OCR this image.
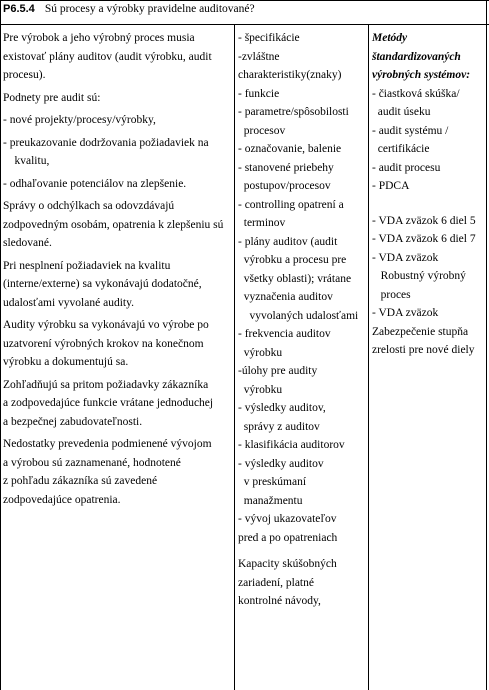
P6.5.4 Sú procesy a výrobky pravidelne auditované?
Pre výrobok a jeho výrobný proces musia
existovať plány auditov (audit výrobku, audit
procesu).
Podnety pre audit sú:
- nové projekty/procesy/výrobky,
- preukazovanie dodržovania požiadaviek na
kvalitu,
- odhaľovanie potenciálov na zlepšenie.
Správy o odchýlkach sa odovzdávajú
zodpovedným osobám, opatrenia k zlepšeniu sú
sledované.
Pri nesplnení požiadaviek na kvalitu
(interne/externe) sa vykonávajú dodatočné,
udalosťami vyvolané audity.
Audity výrobku sa vykonávajú vo výrobe po
uzatvorení výrobných krokov na konečnom
výrobku a dokumentujú sa.
Zohľadňujú sa pritom požiadavky zákazníka
a zodpovedajúce funkcie vrátane jednoduchej
a bezpečnej zabudovateľnosti.
Nedostatky prevedenia podmienené vývojom
a výrobou sú zaznamenané, hodnotené
z pohľadu zákazníka sú zavedené
zodpovedajúce opatrenia.
- špecifikácie
-zvláštne
charakteristiky(znaky)
- funkcie
- parametre/spôsobilosti
procesov
- označovanie, balenie
- stanovené priebehy
postupov/procesov
- controlling opatrení a
terminov
- plány auditov (audit
výrobku a procesu pre
všetky oblasti); vrátane
vyznačenia auditov
vyvolaných udalosťami
- frekvencia auditov
výrobku
-úlohy pre audity
výrobku
- výsledky auditov,
správy z auditov
- klasifikácia auditorov
- výsledky auditov
v preskúmaní
manažmentu
- vývoj ukazovateľov
pred a po opatreniach
Kapacity skúšobných
zariadení, platné
kontrolné návody,
Metódy
štandardizovaných
výrobných systémov:
- čiastková skúška/
audit úseku
- audit systému /
certifikácie
- audit procesu
- PDCA
- VDA zväzok 6 diel 5
- VDA zväzok 6 diel 7
- VDA zväzok
Robustný výrobný
proces
- VDA zväzok
Zabezpečenie stupňa
zrelosti pre nové diely
